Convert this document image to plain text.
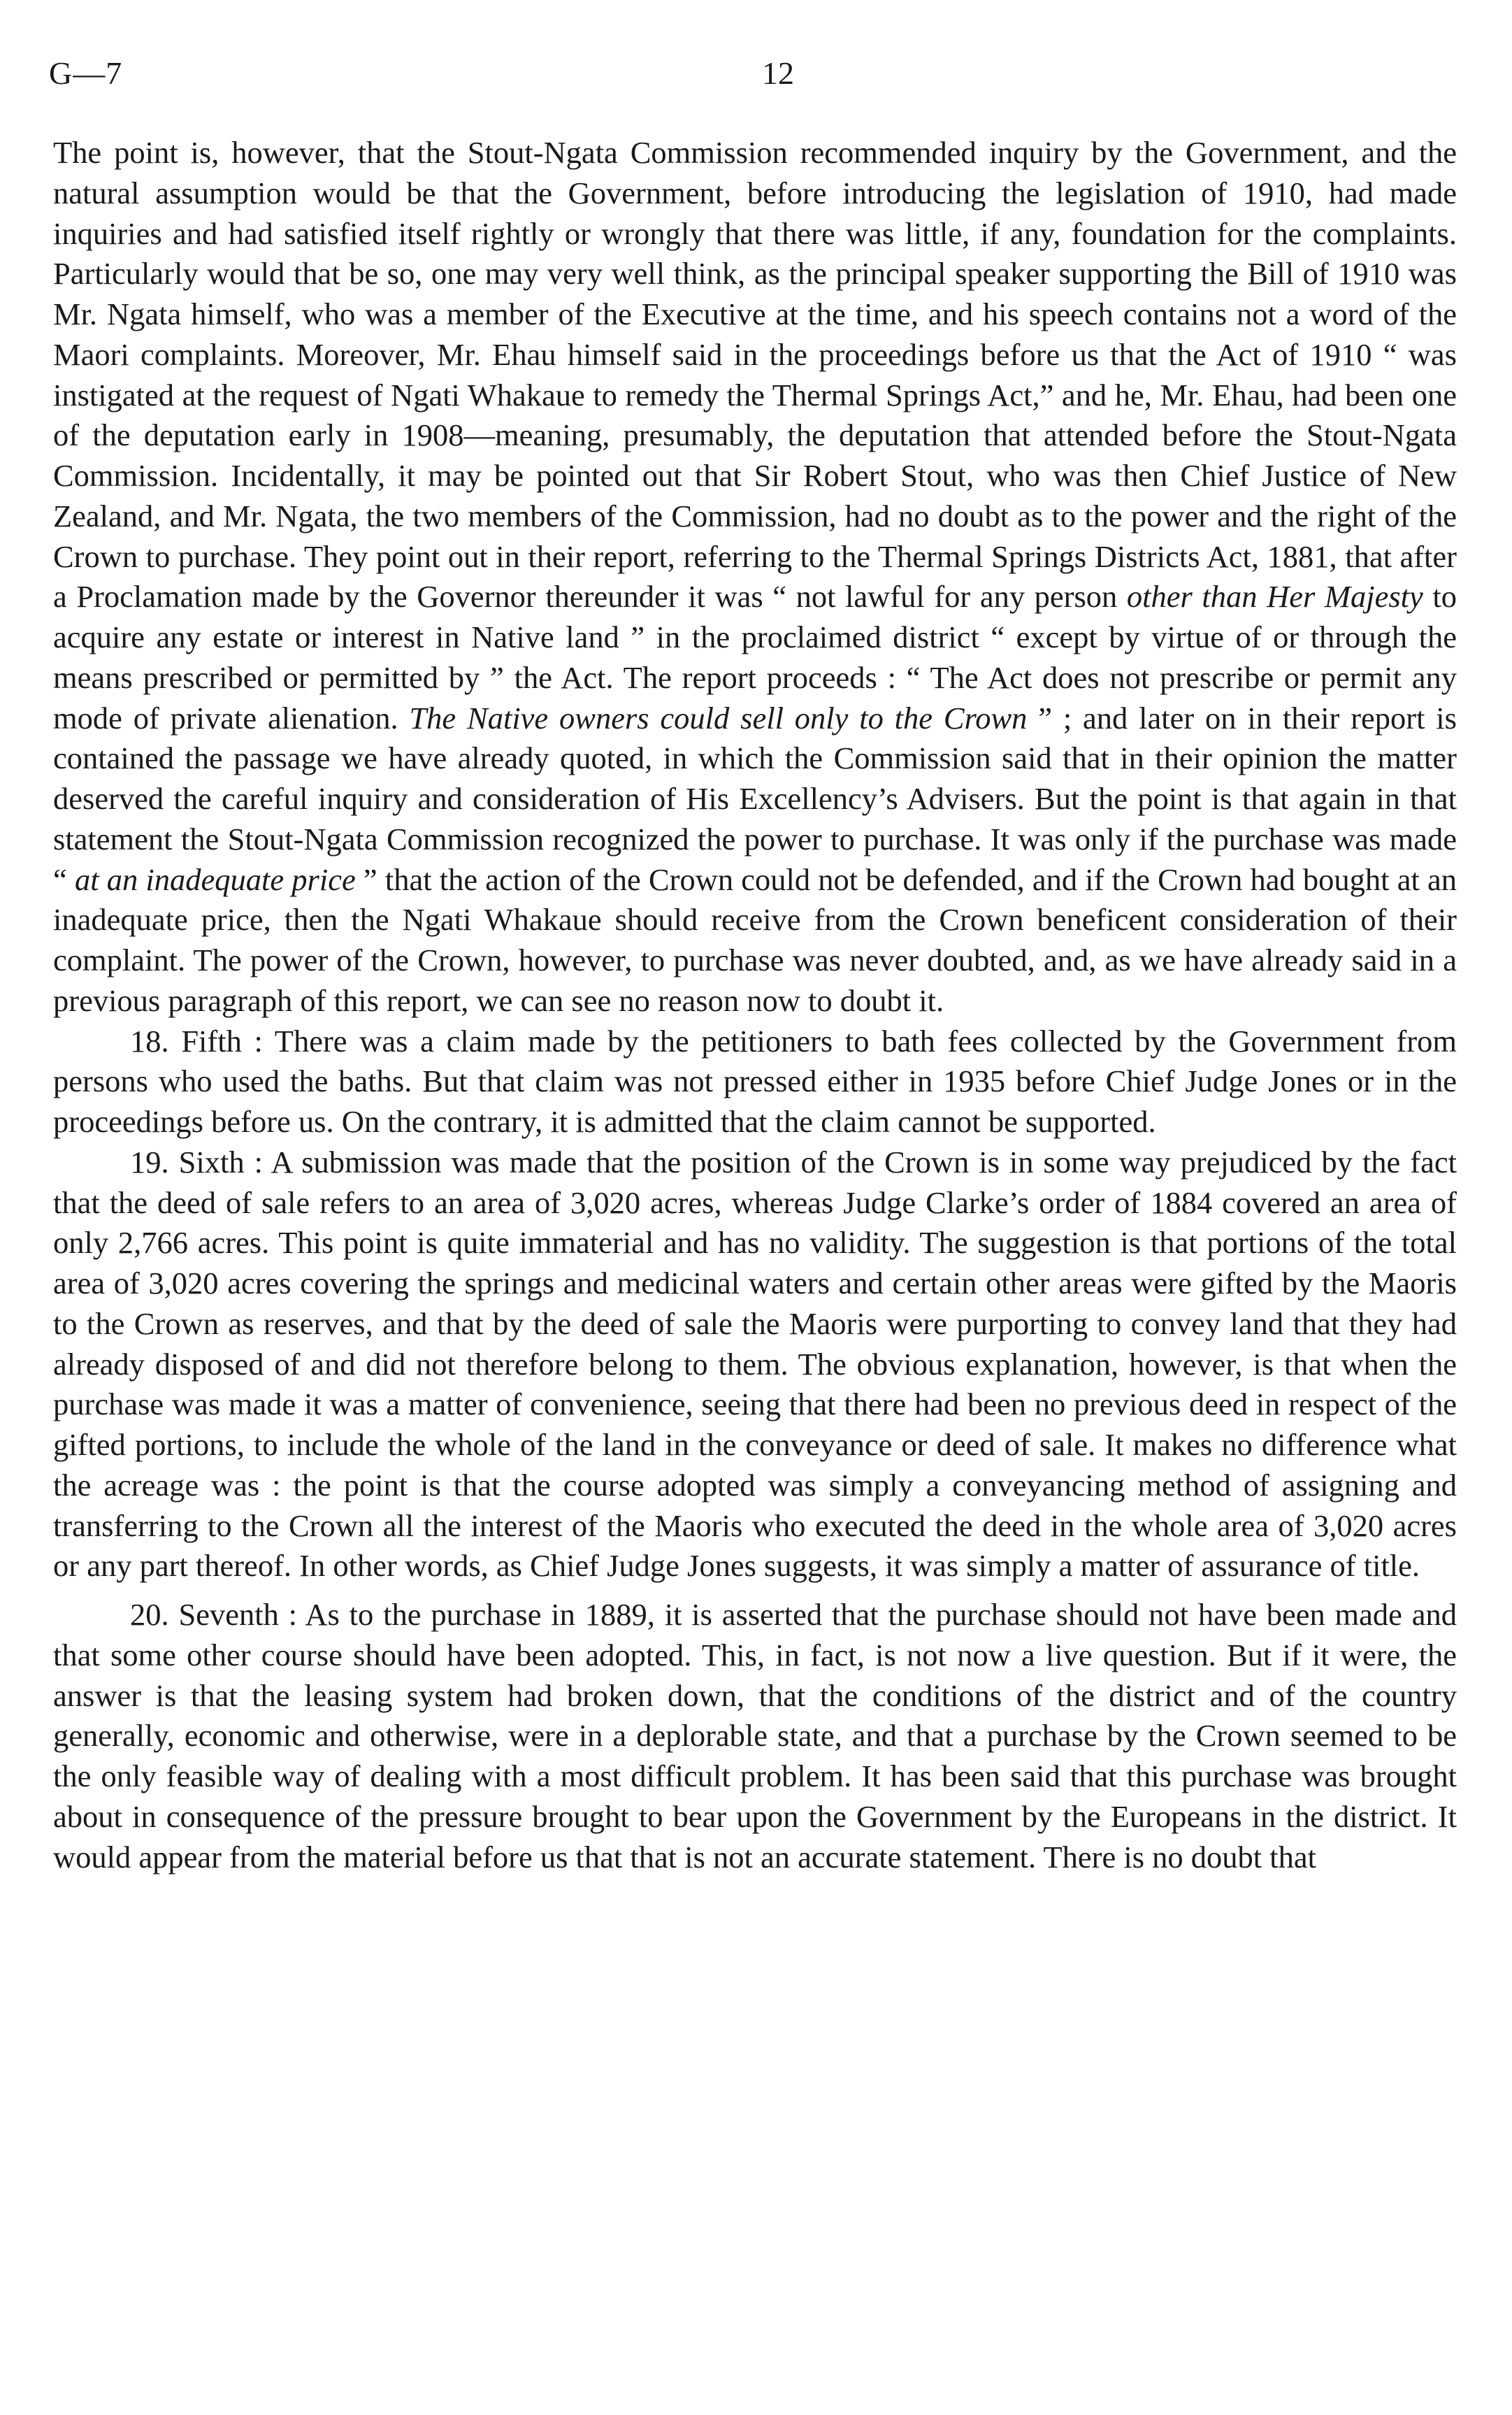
G—7	12

The point is, however, that the Stout-Ngata Commission recommended inquiry by the Government, and the natural assumption would be that the Government, before introducing the legislation of 1910, had made inquiries and had satisfied itself rightly or wrongly that there was little, if any, foundation for the complaints. Particularly would that be so, one may very well think, as the principal speaker supporting the Bill of 1910 was Mr. Ngata himself, who was a member of the Executive at the time, and his speech contains not a word of the Maori complaints. Moreover, Mr. Ehau himself said in the proceedings before us that the Act of 1910 “ was instigated at the request of Ngati Whakaue to remedy the Thermal Springs Act,” and he, Mr. Ehau, had been one of the deputation early in 1908—meaning, presumably, the deputation that attended before the Stout-Ngata Commission. Incidentally, it may be pointed out that Sir Robert Stout, who was then Chief Justice of New Zealand, and Mr. Ngata, the two members of the Commission, had no doubt as to the power and the right of the Crown to purchase. They point out in their report, referring to the Thermal Springs Districts Act, 1881, that after a Proclamation made by the Governor thereunder it was “ not lawful for any person other than Her Majesty to acquire any estate or interest in Native land ” in the proclaimed district “ except by virtue of or through the means prescribed or permitted by ” the Act. The report proceeds : “ The Act does not prescribe or permit any mode of private alienation. The Native owners could sell only to the Crown ” ; and later on in their report is contained the passage we have already quoted, in which the Commission said that in their opinion the matter deserved the careful inquiry and consideration of His Excellency’s Advisers. But the point is that again in that statement the Stout-Ngata Commission recognized the power to purchase. It was only if the purchase was made “ at an inadequate price ” that the action of the Crown could not be defended, and if the Crown had bought at an inadequate price, then the Ngati Whakaue should receive from the Crown beneficent consideration of their complaint. The power of the Crown, however, to purchase was never doubted, and, as we have already said in a previous paragraph of this report, we can see no reason now to doubt it.

18. Fifth : There was a claim made by the petitioners to bath fees collected by the Government from persons who used the baths. But that claim was not pressed either in 1935 before Chief Judge Jones or in the proceedings before us. On the contrary, it is admitted that the claim cannot be supported.

19. Sixth : A submission was made that the position of the Crown is in some way prejudiced by the fact that the deed of sale refers to an area of 3,020 acres, whereas Judge Clarke’s order of 1884 covered an area of only 2,766 acres. This point is quite immaterial and has no validity. The suggestion is that portions of the total area of 3,020 acres covering the springs and medicinal waters and certain other areas were gifted by the Maoris to the Crown as reserves, and that by the deed of sale the Maoris were purporting to convey land that they had already disposed of and did not therefore belong to them. The obvious explanation, however, is that when the purchase was made it was a matter of convenience, seeing that there had been no previous deed in respect of the gifted portions, to include the whole of the land in the conveyance or deed of sale. It makes no difference what the acreage was : the point is that the course adopted was simply a conveyancing method of assigning and transferring to the Crown all the interest of the Maoris who executed the deed in the whole area of 3,020 acres or any part thereof. In other words, as Chief Judge Jones suggests, it was simply a matter of assurance of title.

20. Seventh : As to the purchase in 1889, it is asserted that the purchase should not have been made and that some other course should have been adopted. This, in fact, is not now a live question. But if it were, the answer is that the leasing system had broken down, that the conditions of the district and of the country generally, economic and otherwise, were in a deplorable state, and that a purchase by the Crown seemed to be the only feasible way of dealing with a most difficult problem. It has been said that this purchase was brought about in consequence of the pressure brought to bear upon the Government by the Europeans in the district. It would appear from the material before us that that is not an accurate statement. There is no doubt that
